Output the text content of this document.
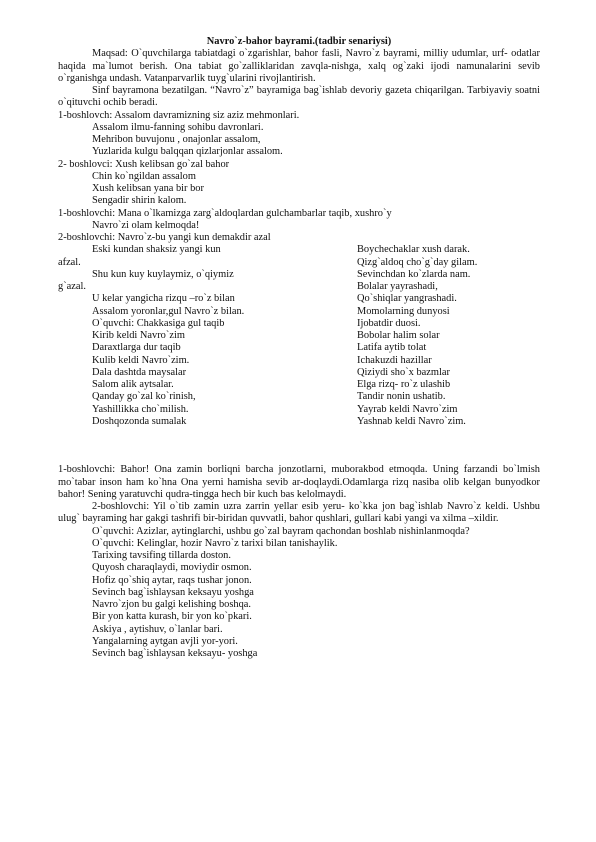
Navro`z-bahor bayrami.(tadbir senariysi)
Maqsad: O`quvchilarga tabiatdagi o`zgarishlar, bahor fasli, Navro`z bayrami, milliy udumlar, urf- odatlar haqida ma`lumot berish. Ona tabiat go`zalliklaridan zavqla-nishga, xalq og`zaki ijodi namunalarini sevib o`rganishga undash. Vatanparvarlik tuyg`ularini rivojlantirish.
Sinf bayramona bezatilgan. “Navro`z” bayramiga bag`ishlab devoriy gazeta chiqarilgan. Tarbiyaviy soatni o`qituvchi ochib beradi.
1-boshlovch: Assalom davramizning siz aziz mehmonlari.
Assalom ilmu-fanning sohibu davronlari.
Mehribon buvujonu , onajonlar assalom,
Yuzlarida kulgu balqqan qizlarjonlar assalom.
2- boshlovci: Xush kelibsan go`zal bahor
Chin ko`ngildan assalom
Xush kelibsan yana bir bor
Sengadir shirin kalom.
1-boshlovchi: Mana o`lkamizga zarg`aldoqlardan gulchambarlar taqib, xushro`y
Navro`zi olam kelmoqda!
2-boshlovchi: Navro`z-bu yangi kun demakdir azal
Eski kundan shaksiz yangi kun
afzal.
Shu kun kuy kuylaymiz, o`qiymiz
g`azal.
U kelar yangicha rizqu –ro`z bilan
Assalom yoronlar,gul Navro`z bilan.
O`quvchi: Chakkasiga gul taqib
Kirib keldi Navro`zim
Daraxtlarga dur taqib
Kulib keldi Navro`zim.
Dala dashtda maysalar
Salom alik aytsalar.
Qanday go`zal ko`rinish,
Yashillikka cho`milish.
Doshqozonda sumalak
Boychechaklar xush darak.
Qizg`aldoq cho`g`day gilam.
Sevinchdan ko`zlarda nam.
Bolalar yayrashadi,
Qo`shiqlar yangrashadi.
Momolarning dunyosi
Ijobatdir duosi.
Bobolar halim solar
Latifa aytib tolat
Ichakuzdi hazillar
Qiziydi sho`x bazmlar
Elga rizq- ro`z ulashib
Tandir nonin ushatib.
Yayrab keldi Navro`zim
Yashnab keldi Navro`zim.
1-boshlovchi: Bahor! Ona zamin borliqni barcha jonzotlarni, muborakbod etmoqda. Uning farzandi bo`lmish mo`tabar inson ham ko`hna Ona yerni hamisha sevib ar-doqlaydi.Odamlarga rizq nasiba olib kelgan bunyodkor bahor! Sening yaratuvchi qudra-tingga hech bir kuch bas kelolmaydi.
2-boshlovchi: Yil o`tib zamin uzra zarrin yellar esib yeru- ko`kka jon bag`ishlab Navro`z keldi. Ushbu ulug` bayraming har gakgi tashrifi bir-biridan quvvatli, bahor qushlari, gullari kabi yangi va xilma –xildir.
O`quvchi: Azizlar, aytinglarchi, ushbu go`zal bayram qachondan boshlab nishinlanmoqda?
O`quvchi: Kelinglar, hozir Navro`z tarixi bilan tanishaylik.
Tarixing tavsifing tillarda doston.
Quyosh charaqlaydi, moviydir osmon.
Hofiz qo`shiq aytar, raqs tushar jonon.
Sevinch bag`ishlaysan keksayu yoshga
Navro`zjon bu galgi kelishing boshqa.
Bir yon katta kurash, bir yon ko`pkari.
Askiya , aytishuv, o`lanlar bari.
Yangalarning aytgan avjli yor-yori.
Sevinch bag`ishlaysan keksayu- yoshga
